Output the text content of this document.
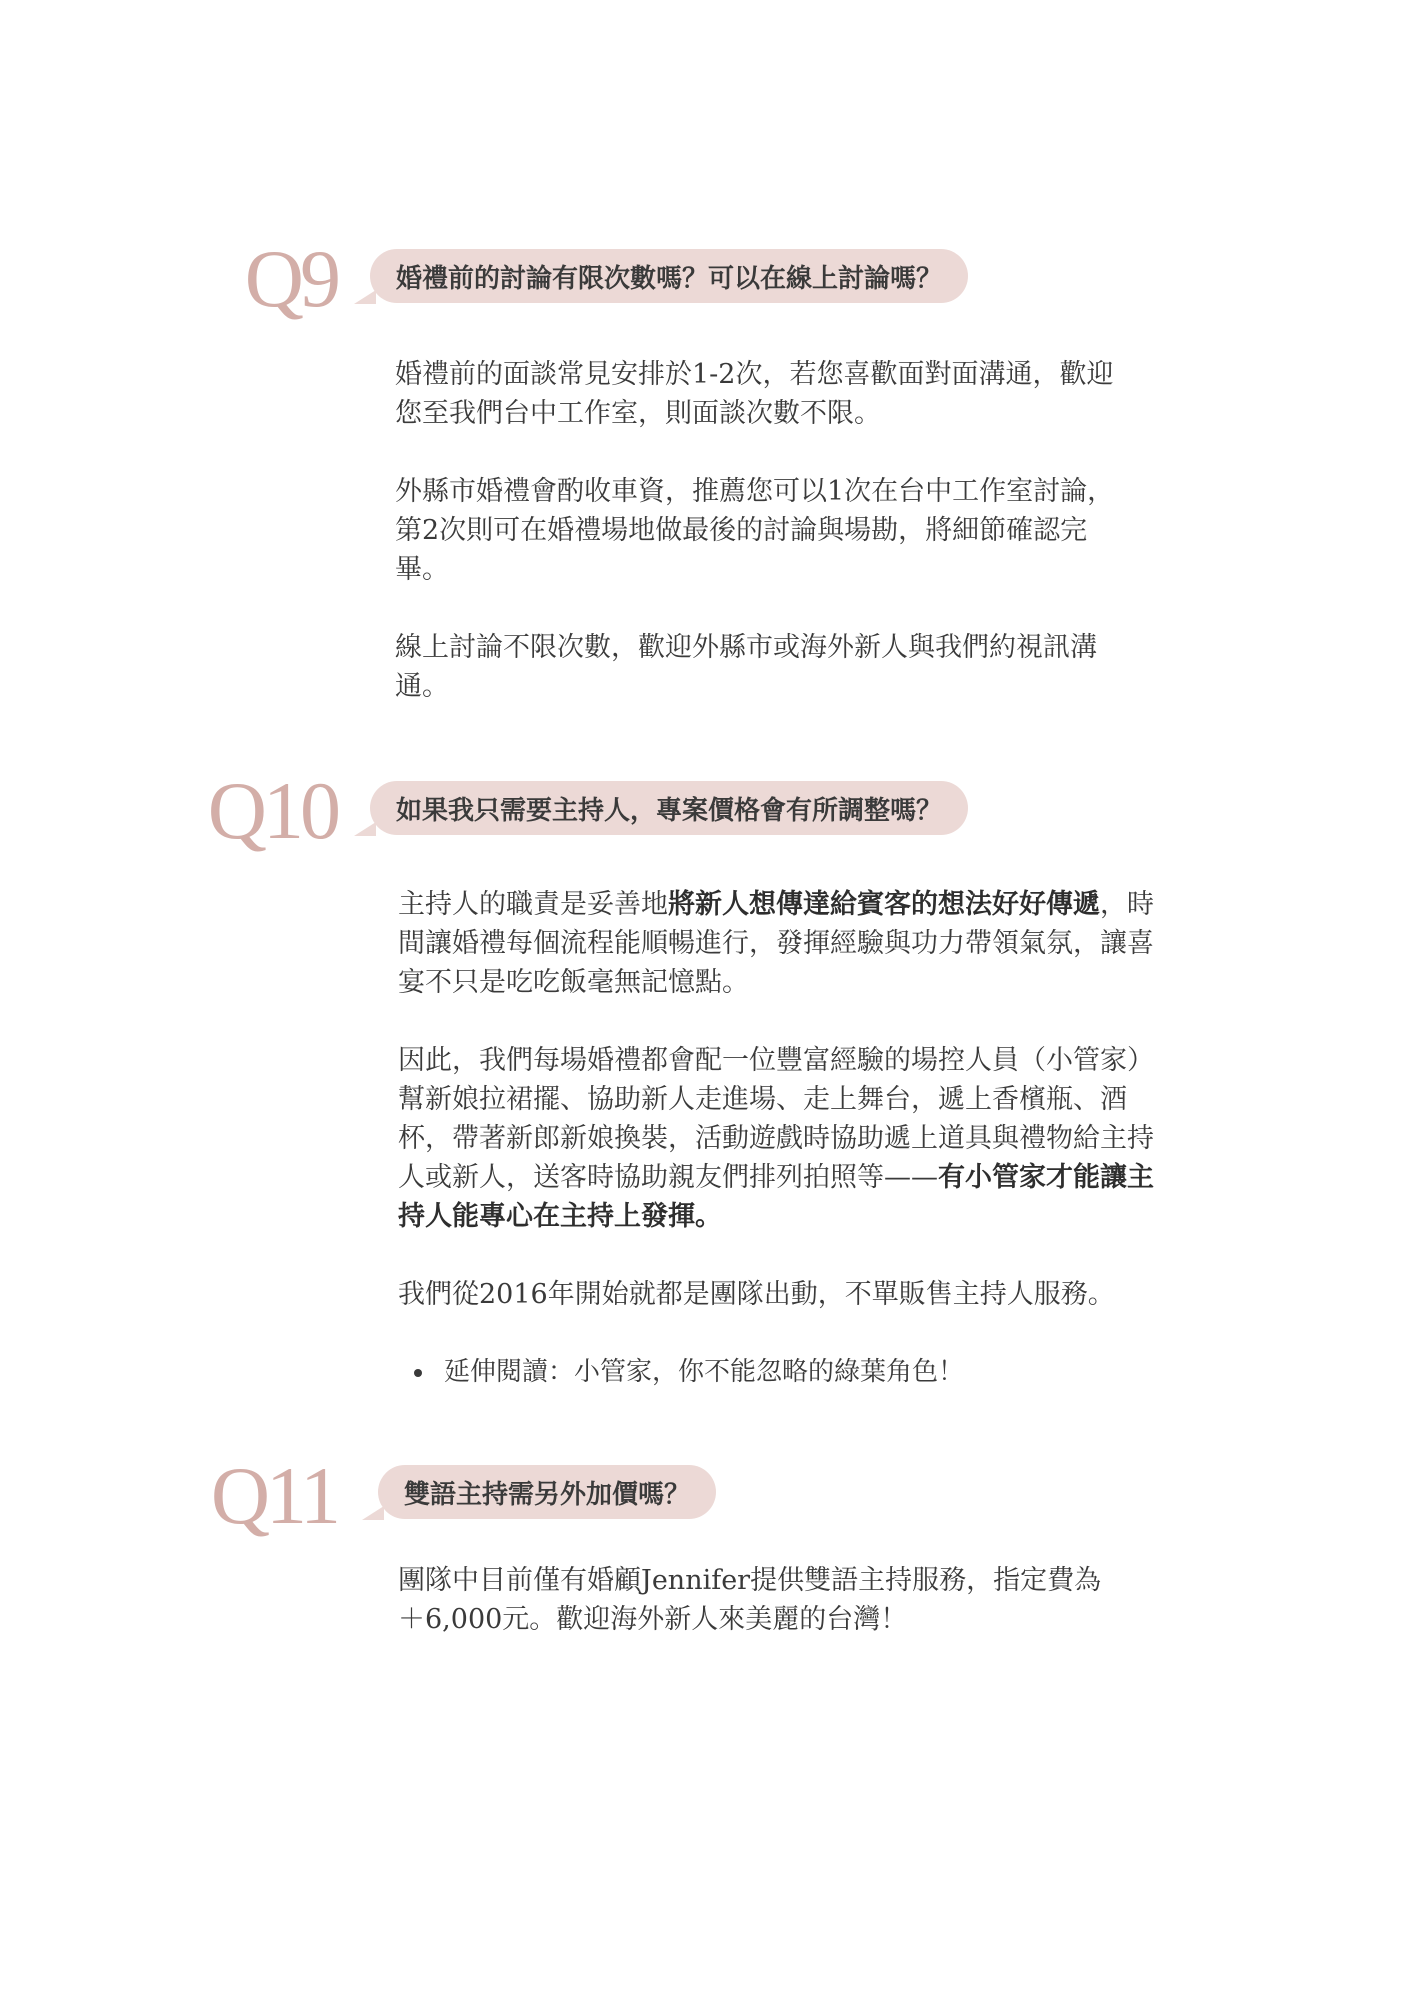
Q9	婚禮前的討論有限次數嗎？可以在線上討論嗎？

婚禮前的面談常見安排於1-2次，若您喜歡面對面溝通，歡迎
您至我們台中工作室，則面談次數不限。

外縣市婚禮會酌收車資，推薦您可以1次在台中工作室討論，
第2次則可在婚禮場地做最後的討論與場勘，將細節確認完
畢。

線上討論不限次數，歡迎外縣市或海外新人與我們約視訊溝
通。

Q10	如果我只需要主持人，專案價格會有所調整嗎？

主持人的職責是妥善地將新人想傳達給賓客的想法好好傳遞，時
間讓婚禮每個流程能順暢進行，發揮經驗與功力帶領氣氛，讓喜
宴不只是吃吃飯毫無記憶點。

因此，我們每場婚禮都會配一位豐富經驗的場控人員（小管家）
幫新娘拉裙擺、協助新人走進場、走上舞台，遞上香檳瓶、酒
杯，帶著新郎新娘換裝，活動遊戲時協助遞上道具與禮物給主持
人或新人，送客時協助親友們排列拍照等——有小管家才能讓主
持人能專心在主持上發揮。

我們從2016年開始就都是團隊出動，不單販售主持人服務。

延伸閱讀：小管家，你不能忽略的綠葉角色！
Q11	雙語主持需另外加價嗎？

團隊中目前僅有婚顧Jennifer提供雙語主持服務，指定費為
＋6,000元。歡迎海外新人來美麗的台灣！
